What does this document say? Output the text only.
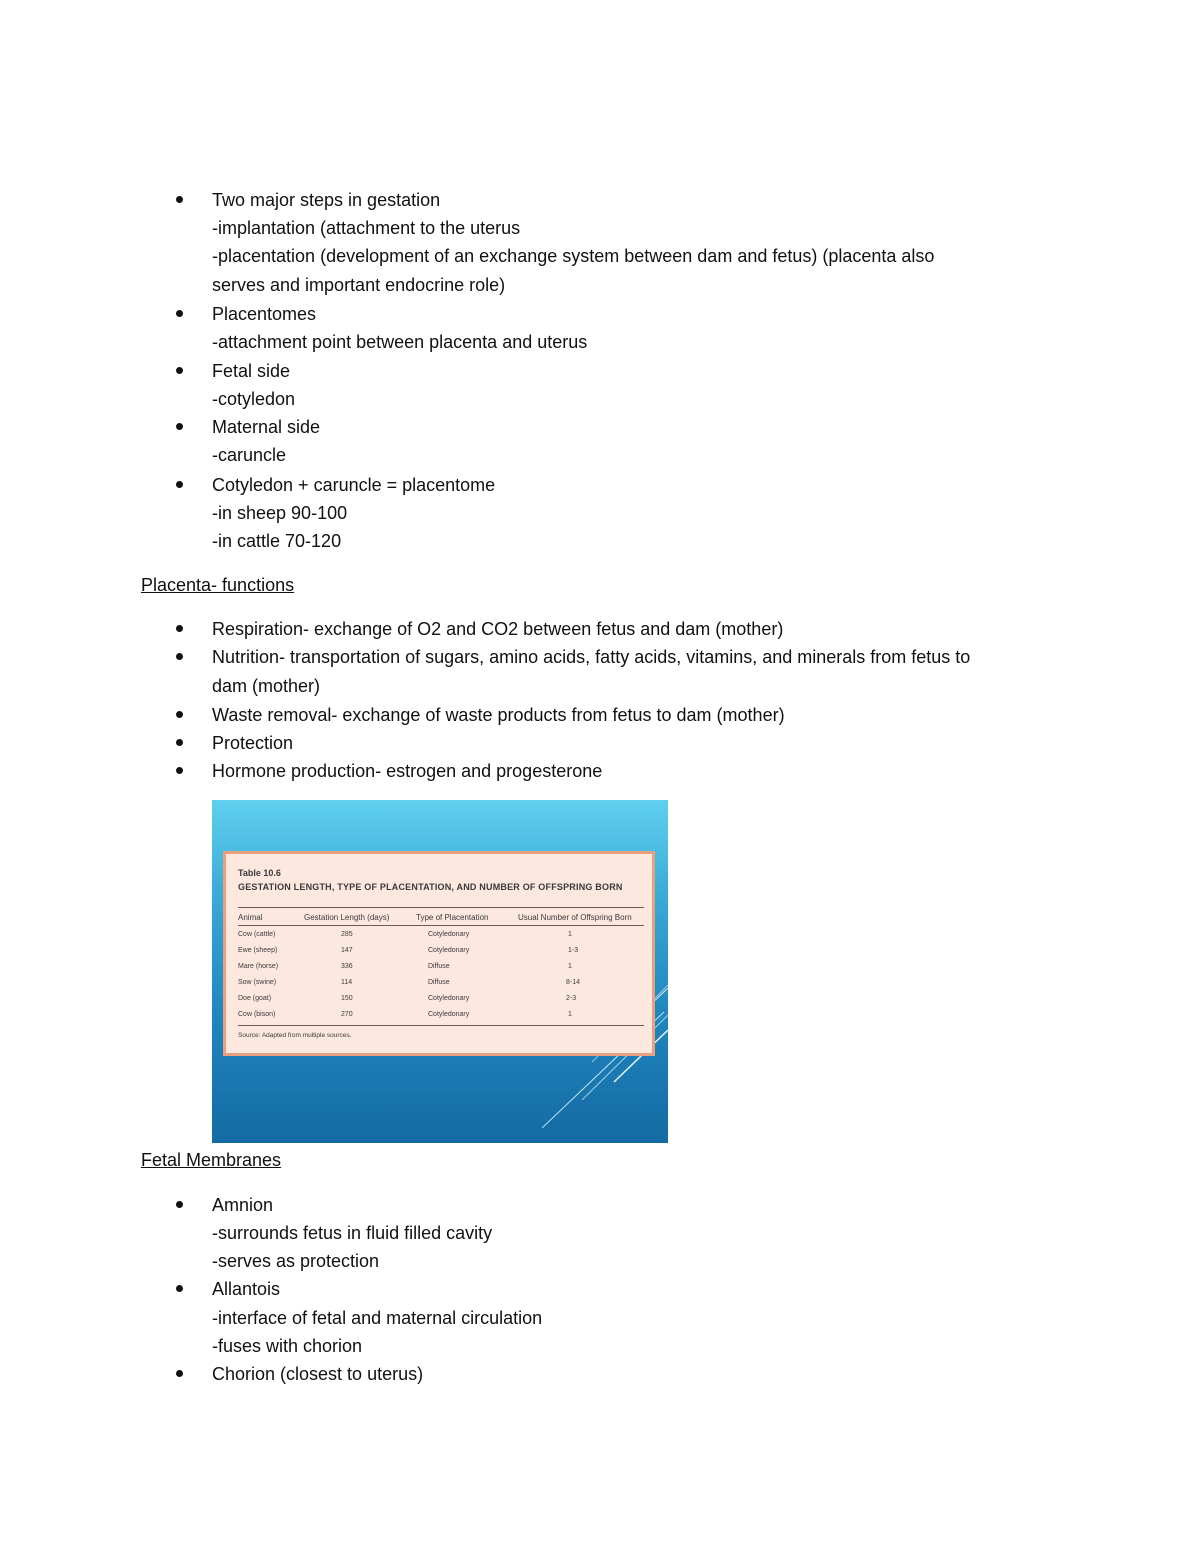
Two major steps in gestation
-implantation (attachment to the uterus
-placentation (development of an exchange system between dam and fetus) (placenta also
serves and important endocrine role)
Placentomes
-attachment point between placenta and uterus
Fetal side
-cotyledon
Maternal side
-caruncle
Cotyledon + caruncle = placentome
-in sheep 90-100
-in cattle 70-120
Placenta- functions
Respiration- exchange of O2 and CO2 between fetus and dam (mother)
Nutrition- transportation of sugars, amino acids, fatty acids, vitamins, and minerals from fetus to
dam (mother)
Waste removal- exchange of waste products from fetus to dam (mother)
Protection
Hormone production- estrogen and progesterone
Table 10.6
GESTATION LENGTH, TYPE OF PLACENTATION, AND NUMBER OF OFFSPRING BORN
Animal	Gestation Length (days)	Type of Placentation	Usual Number of Offspring Born
Cow (cattle)	285	Cotyledonary	1
Ewe (sheep)	147	Cotyledonary	1-3
Mare (horse)	336	Diffuse	1
Sow (swine)	114	Diffuse	8-14
Doe (goat)	150	Cotyledonary	2-3
Cow (bison)	270	Cotyledonary	1
Source: Adapted from multiple sources.
Fetal Membranes
Amnion
-surrounds fetus in fluid filled cavity
-serves as protection
Allantois
-interface of fetal and maternal circulation
-fuses with chorion
Chorion (closest to uterus)
